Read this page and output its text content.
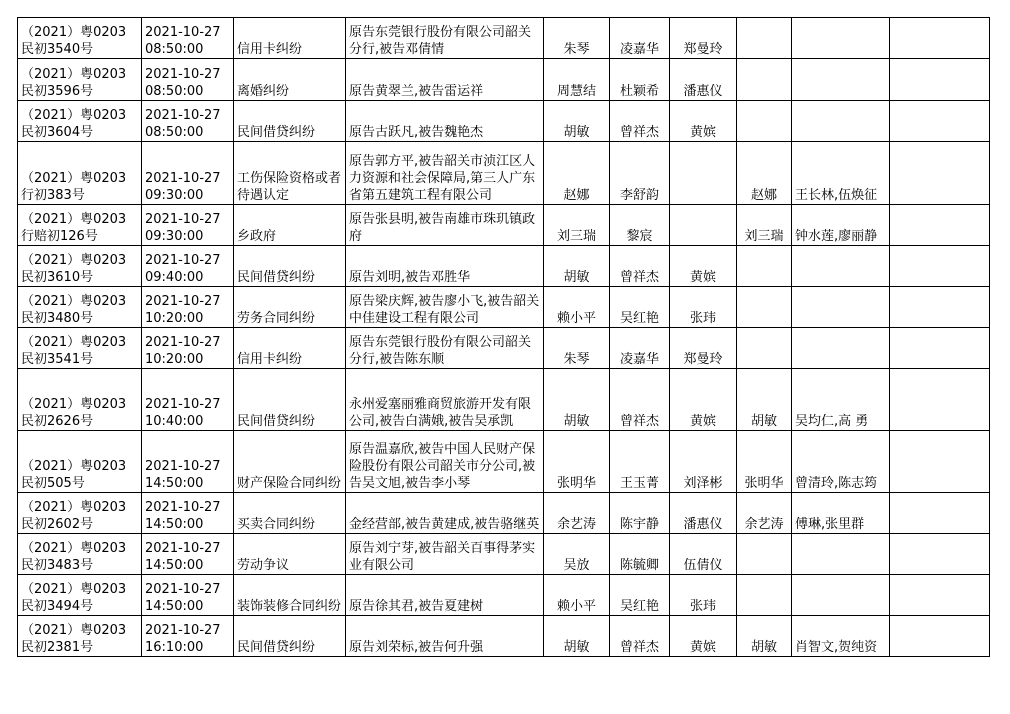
（2021）粤0203 民初3540号	2021-10-27 08:50:00	信用卡纠纷	原告东莞银行股份有限公司韶关分行,被告邓倩情	朱琴	凌嘉华	郑曼玲			
（2021）粤0203 民初3596号	2021-10-27 08:50:00	离婚纠纷	原告黄翠兰,被告雷运祥	周慧结	杜颖希	潘惠仪			
（2021）粤0203 民初3604号	2021-10-27 08:50:00	民间借贷纠纷	原告古跃凡,被告魏艳杰	胡敏	曾祥杰	黄嫔			
（2021）粤0203 行初383号	2021-10-27 09:30:00	工伤保险资格或者待遇认定	原告郭方平,被告韶关市浈江区人力资源和社会保障局,第三人广东省第五建筑工程有限公司	赵娜	李舒韵		赵娜	王长林,伍焕征	
（2021）粤0203 行赔初126号	2021-10-27 09:30:00	乡政府	原告张县明,被告南雄市珠玑镇政府	刘三瑞	黎宸		刘三瑞	钟水莲,廖丽静	
（2021）粤0203 民初3610号	2021-10-27 09:40:00	民间借贷纠纷	原告刘明,被告邓胜华	胡敏	曾祥杰	黄嫔			
（2021）粤0203 民初3480号	2021-10-27 10:20:00	劳务合同纠纷	原告梁庆辉,被告廖小飞,被告韶关中佳建设工程有限公司	赖小平	吴红艳	张玮			
（2021）粤0203 民初3541号	2021-10-27 10:20:00	信用卡纠纷	原告东莞银行股份有限公司韶关分行,被告陈东顺	朱琴	凌嘉华	郑曼玲			
（2021）粤0203 民初2626号	2021-10-27 10:40:00	民间借贷纠纷	永州爱塞丽雅商贸旅游开发有限公司,被告白满娥,被告吴承凯	胡敏	曾祥杰	黄嫔	胡敏	吴均仁,高 勇	
（2021）粤0203 民初505号	2021-10-27 14:50:00	财产保险合同纠纷	原告温嘉欣,被告中国人民财产保险股份有限公司韶关市分公司,被告吴文旭,被告李小琴	张明华	王玉菁	刘泽彬	张明华	曾清玲,陈志筠	
（2021）粤0203 民初2602号	2021-10-27 14:50:00	买卖合同纠纷	金经营部,被告黄建成,被告骆继英	余艺涛	陈宇静	潘惠仪	余艺涛	傅琳,张里群	
（2021）粤0203 民初3483号	2021-10-27 14:50:00	劳动争议	原告刘宁芽,被告韶关百事得茅实业有限公司	吴放	陈毓卿	伍倩仪			
（2021）粤0203 民初3494号	2021-10-27 14:50:00	装饰装修合同纠纷	原告徐其君,被告夏建树	赖小平	吴红艳	张玮			
（2021）粤0203 民初2381号	2021-10-27 16:10:00	民间借贷纠纷	原告刘荣标,被告何升强	胡敏	曾祥杰	黄嫔	胡敏	肖智文,贺纯资	
